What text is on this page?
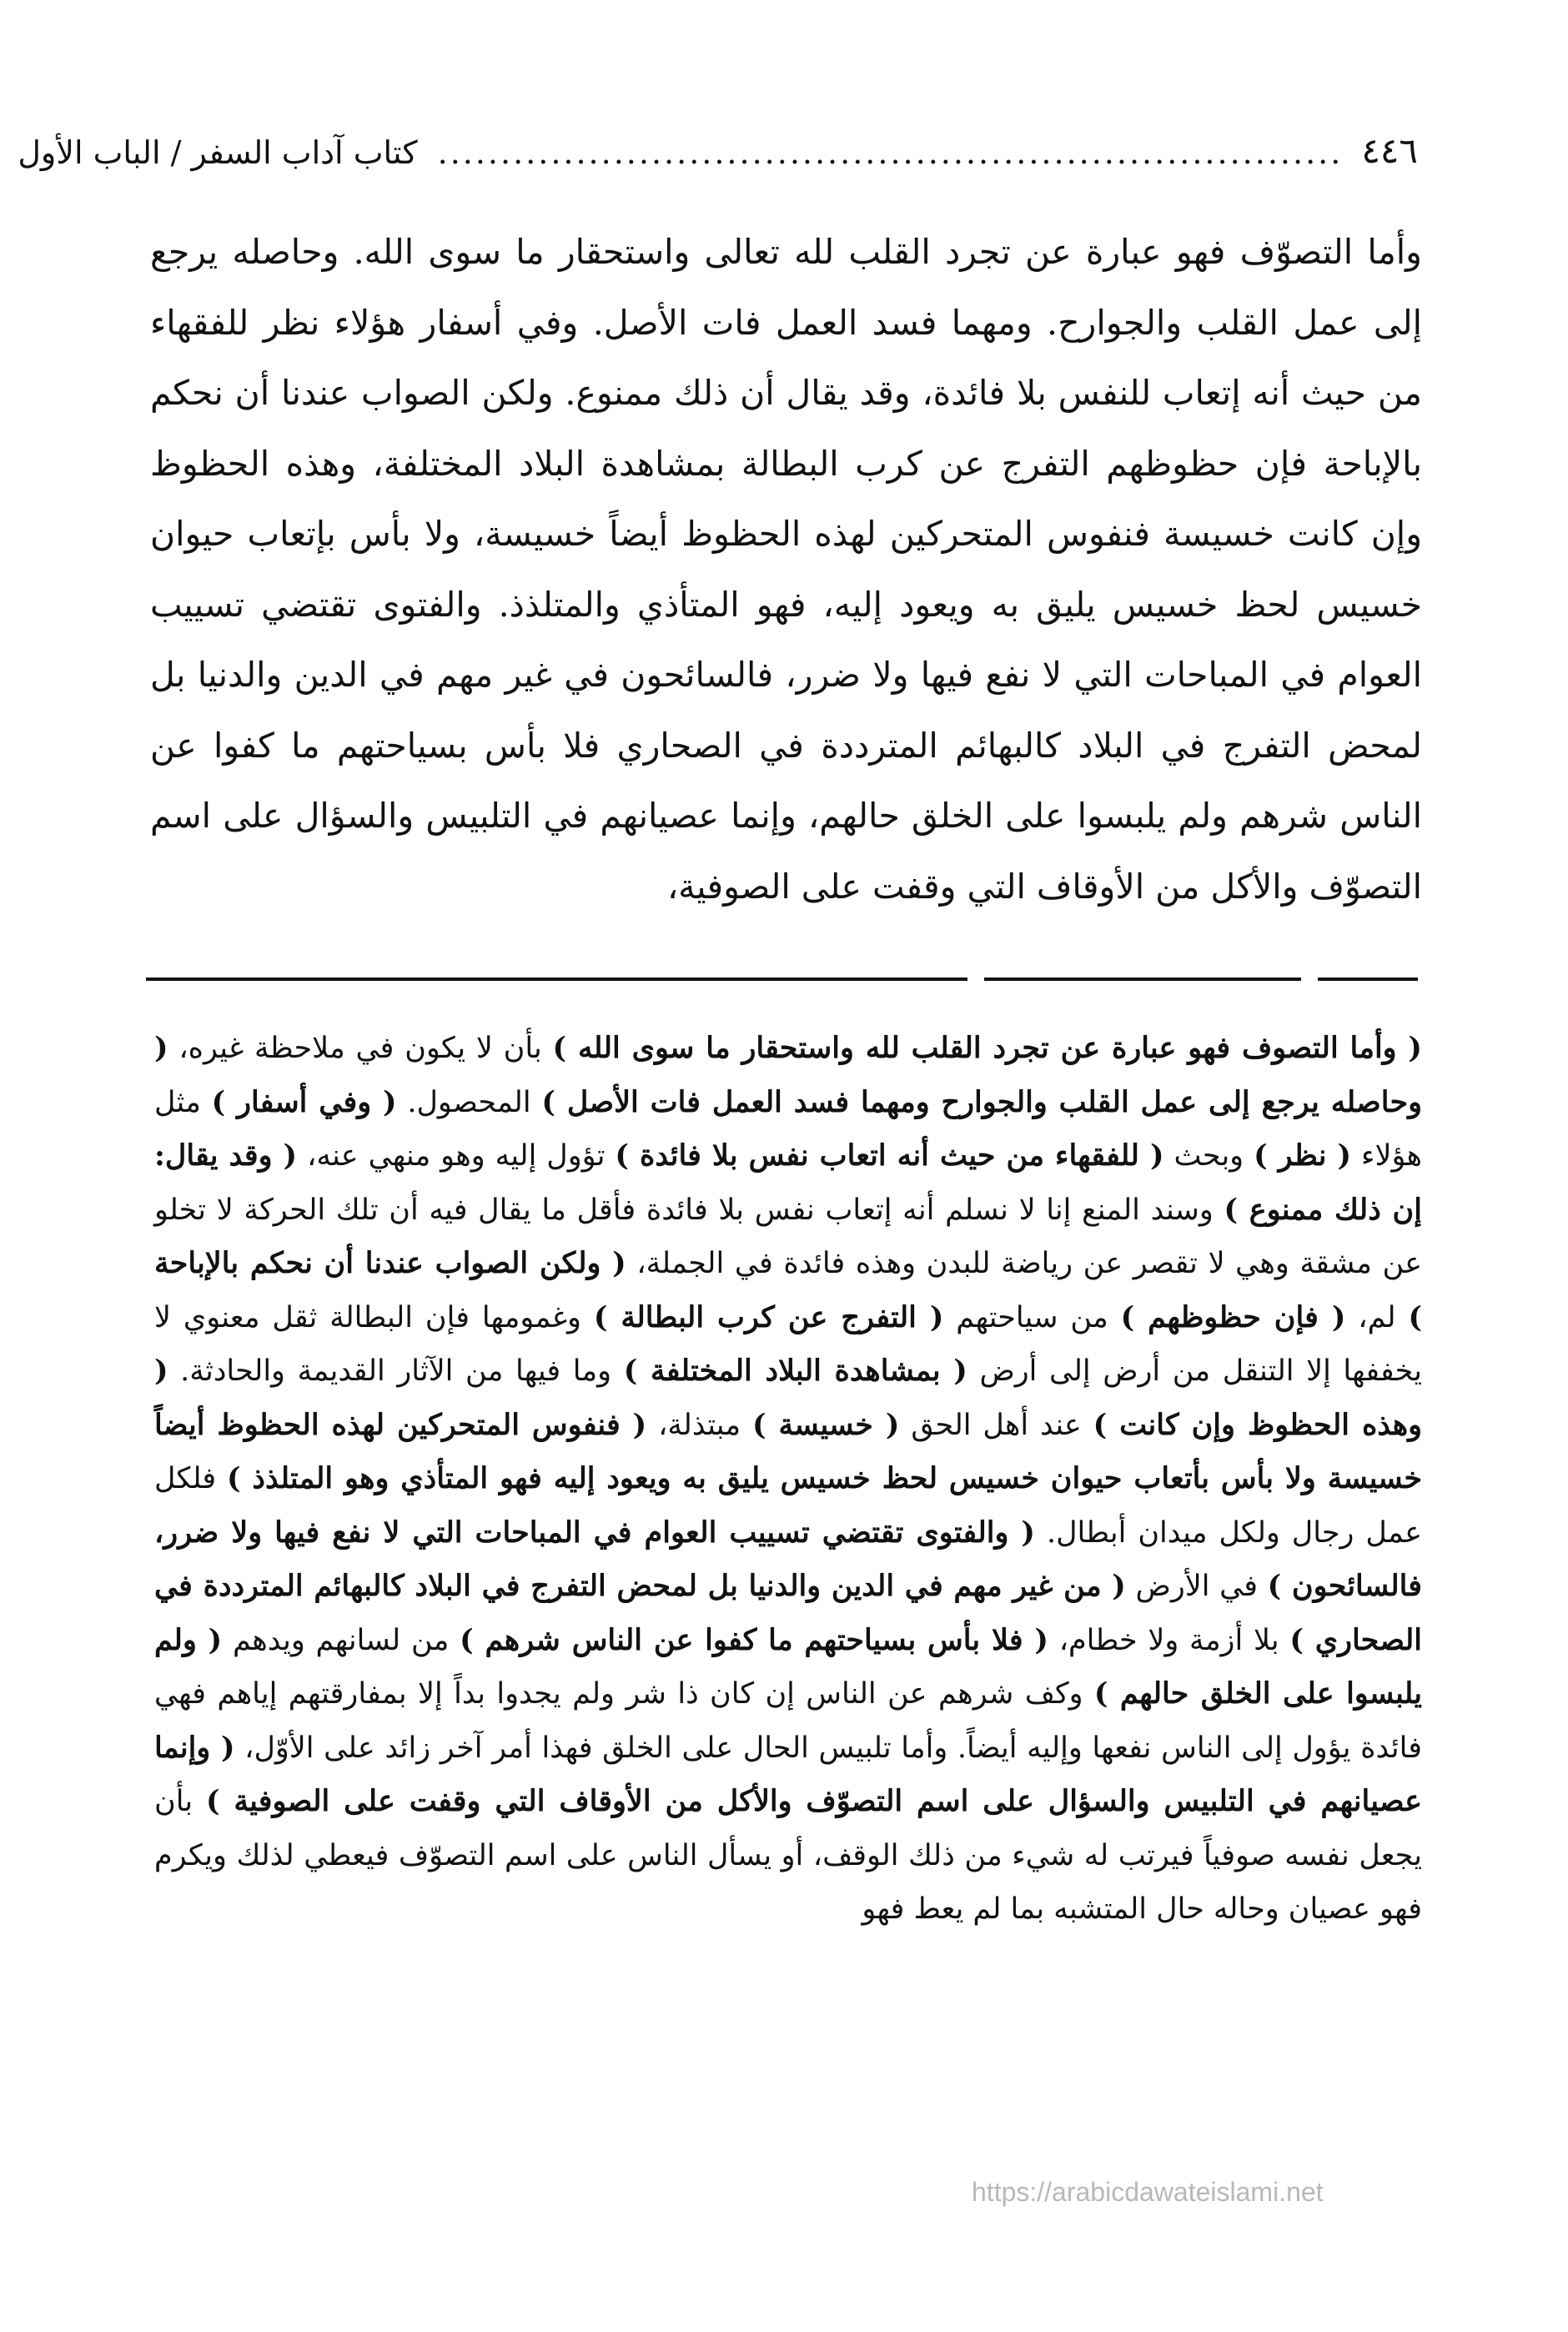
٤٤٦
........................................................................
كتاب آداب السفر / الباب الأول

وأما التصوّف فهو عبارة عن تجرد القلب لله تعالى واستحقار ما سوى الله. وحاصله يرجع إلى عمل القلب والجوارح. ومهما فسد العمل فات الأصل. وفي أسفار هؤلاء نظر للفقهاء من حيث أنه إتعاب للنفس بلا فائدة، وقد يقال أن ذلك ممنوع. ولكن الصواب عندنا أن نحكم بالإباحة فإن حظوظهم التفرج عن كرب البطالة بمشاهدة البلاد المختلفة، وهذه الحظوظ وإن كانت خسيسة فنفوس المتحركين لهذه الحظوظ أيضاً خسيسة، ولا بأس بإتعاب حيوان خسيس لحظ خسيس يليق به ويعود إليه، فهو المتأذي والمتلذذ. والفتوى تقتضي تسييب العوام في المباحات التي لا نفع فيها ولا ضرر، فالسائحون في غير مهم في الدين والدنيا بل لمحض التفرج في البلاد كالبهائم المترددة في الصحاري فلا بأس بسياحتهم ما كفوا عن الناس شرهم ولم يلبسوا على الخلق حالهم، وإنما عصيانهم في التلبيس والسؤال على اسم التصوّف والأكل من الأوقاف التي وقفت على الصوفية،

( وأما التصوف فهو عبارة عن تجرد القلب لله واستحقار ما سوى الله ) بأن لا يكون في ملاحظة غيره، ( وحاصله يرجع إلى عمل القلب والجوارح ومهما فسد العمل فات الأصل ) المحصول. ( وفي أسفار ) مثل هؤلاء ( نظر ) وبحث ( للفقهاء من حيث أنه اتعاب نفس بلا فائدة ) تؤول إليه وهو منهي عنه، ( وقد يقال: إن ذلك ممنوع ) وسند المنع إنا لا نسلم أنه إتعاب نفس بلا فائدة فأقل ما يقال فيه أن تلك الحركة لا تخلو عن مشقة وهي لا تقصر عن رياضة للبدن وهذه فائدة في الجملة، ( ولكن الصواب عندنا أن نحكم بالإباحة ) لم، ( فإن حظوظهم ) من سياحتهم ( التفرج عن كرب البطالة ) وغمومها فإن البطالة ثقل معنوي لا يخففها إلا التنقل من أرض إلى أرض ( بمشاهدة البلاد المختلفة ) وما فيها من الآثار القديمة والحادثة. ( وهذه الحظوظ وإن كانت ) عند أهل الحق ( خسيسة ) مبتذلة، ( فنفوس المتحركين لهذه الحظوظ أيضاً خسيسة ولا بأس بأتعاب حيوان خسيس لحظ خسيس يليق به ويعود إليه فهو المتأذي وهو المتلذذ ) فلكل عمل رجال ولكل ميدان أبطال. ( والفتوى تقتضي تسييب العوام في المباحات التي لا نفع فيها ولا ضرر، فالسائحون ) في الأرض ( من غير مهم في الدين والدنيا بل لمحض التفرج في البلاد كالبهائم المترددة في الصحاري ) بلا أزمة ولا خطام، ( فلا بأس بسياحتهم ما كفوا عن الناس شرهم ) من لسانهم ويدهم ( ولم يلبسوا على الخلق حالهم ) وكف شرهم عن الناس إن كان ذا شر ولم يجدوا بداً إلا بمفارقتهم إياهم فهي فائدة يؤول إلى الناس نفعها وإليه أيضاً. وأما تلبيس الحال على الخلق فهذا أمر آخر زائد على الأوّل، ( وإنما عصيانهم في التلبيس والسؤال على اسم التصوّف والأكل من الأوقاف التي وقفت على الصوفية ) بأن يجعل نفسه صوفياً فيرتب له شيء من ذلك الوقف، أو يسأل الناس على اسم التصوّف فيعطي لذلك ويكرم فهو عصيان وحاله حال المتشبه بما لم يعط فهو

https://arabicdawateislami.net
